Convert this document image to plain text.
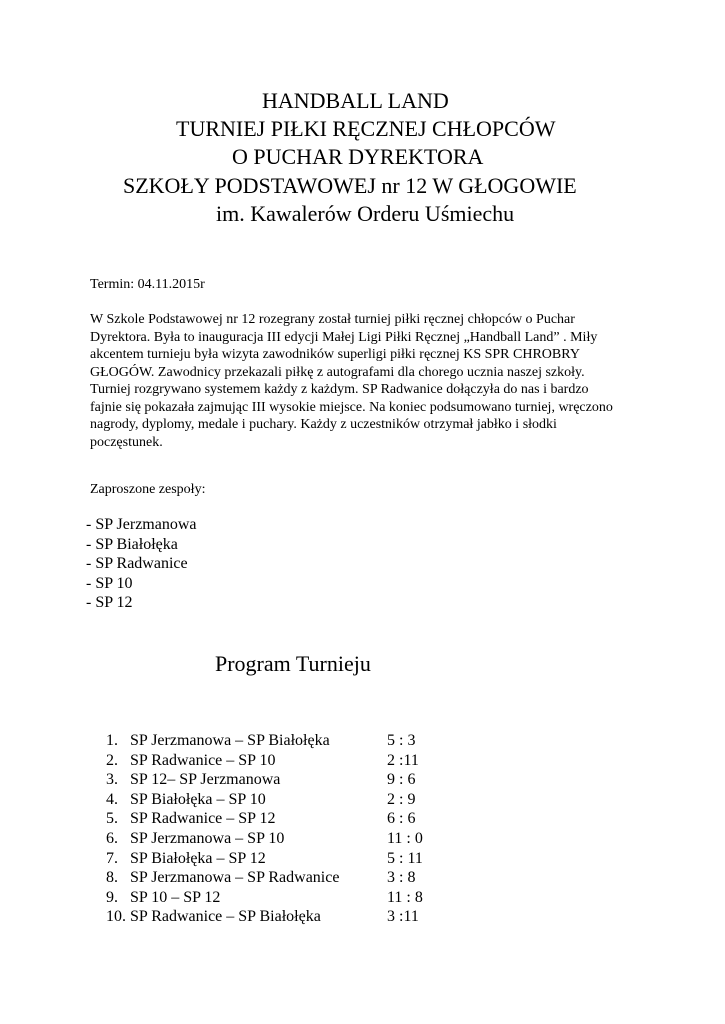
HANDBALL LAND
TURNIEJ PIŁKI RĘCZNEJ CHŁOPCÓW
O PUCHAR DYREKTORA
SZKOŁY PODSTAWOWEJ nr 12 W GŁOGOWIE
im. Kawalerów Orderu Uśmiechu
Termin: 04.11.2015r
W Szkole Podstawowej nr 12 rozegrany został turniej piłki ręcznej chłopców o Puchar
Dyrektora. Była to inauguracja III edycji Małej Ligi Piłki Ręcznej „Handball Land” . Miły
akcentem turnieju była wizyta zawodników superligi piłki ręcznej KS SPR CHROBRY
GŁOGÓW. Zawodnicy przekazali piłkę z autografami dla chorego ucznia naszej szkoły.
Turniej rozgrywano systemem każdy z każdym. SP Radwanice dołączyła do nas i bardzo
fajnie się pokazała zajmując III wysokie miejsce. Na koniec podsumowano turniej, wręczono
nagrody, dyplomy, medale i puchary. Każdy z uczestników otrzymał jabłko i słodki
poczęstunek.
Zaproszone zespoły:
- SP Jerzmanowa
- SP Białołęka
- SP Radwanice
- SP 10
- SP 12
Program Turnieju
1. SP Jerzmanowa – SP Białołęka	5 : 3
2. SP Radwanice – SP 10	2 :11
3. SP 12– SP Jerzmanowa	9 : 6
4. SP Białołęka – SP 10	2 : 9
5. SP Radwanice – SP 12	6 : 6
6. SP Jerzmanowa – SP 10	11 : 0
7. SP Białołęka – SP 12	5 : 11
8. SP Jerzmanowa – SP Radwanice	3 : 8
9. SP 10 – SP 12	11 : 8
10. SP Radwanice – SP Białołęka	3 :11
